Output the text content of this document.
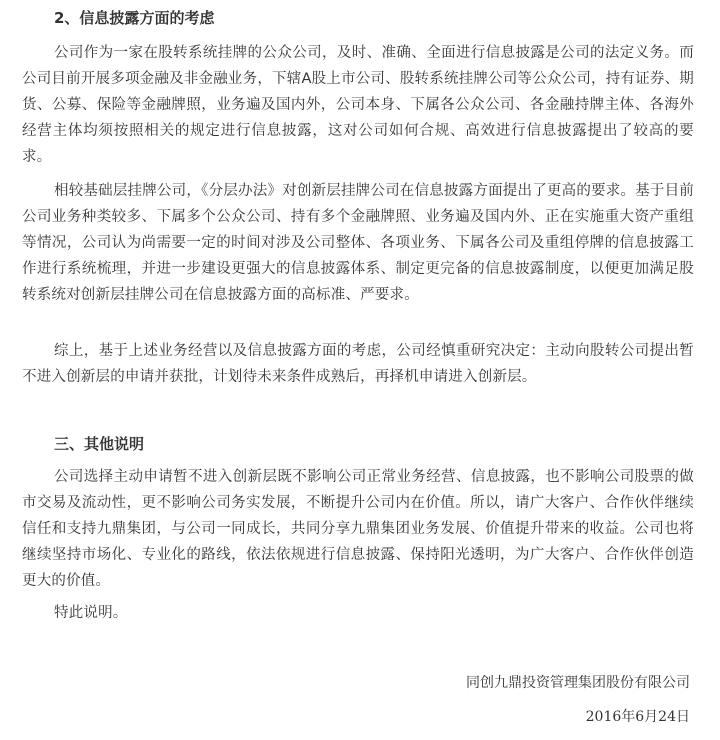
2、信息披露方面的考虑

公司作为一家在股转系统挂牌的公众公司，及时、准确、全面进行信息披露是公司的法定义务。而公司目前开展多项金融及非金融业务，下辖A股上市公司、股转系统挂牌公司等公众公司，持有证券、期货、公募、保险等金融牌照，业务遍及国内外，公司本身、下属各公众公司、各金融持牌主体、各海外经营主体均须按照相关的规定进行信息披露，这对公司如何合规、高效进行信息披露提出了较高的要求。

相较基础层挂牌公司，《分层办法》对创新层挂牌公司在信息披露方面提出了更高的要求。基于目前公司业务种类较多、下属多个公众公司、持有多个金融牌照、业务遍及国内外、正在实施重大资产重组等情况，公司认为尚需要一定的时间对涉及公司整体、各项业务、下属各公司及重组停牌的信息披露工作进行系统梳理，并进一步建设更强大的信息披露体系、制定更完备的信息披露制度，以便更加满足股转系统对创新层挂牌公司在信息披露方面的高标准、严要求。

综上，基于上述业务经营以及信息披露方面的考虑，公司经慎重研究决定：主动向股转公司提出暂不进入创新层的申请并获批，计划待未来条件成熟后，再择机申请进入创新层。

三、其他说明

公司选择主动申请暂不进入创新层既不影响公司正常业务经营、信息披露，也不影响公司股票的做市交易及流动性，更不影响公司务实发展，不断提升公司内在价值。所以，请广大客户、合作伙伴继续信任和支持九鼎集团，与公司一同成长，共同分享九鼎集团业务发展、价值提升带来的收益。公司也将继续坚持市场化、专业化的路线，依法依规进行信息披露、保持阳光透明，为广大客户、合作伙伴创造更大的价值。

特此说明。

同创九鼎投资管理集团股份有限公司

2016年6月24日
